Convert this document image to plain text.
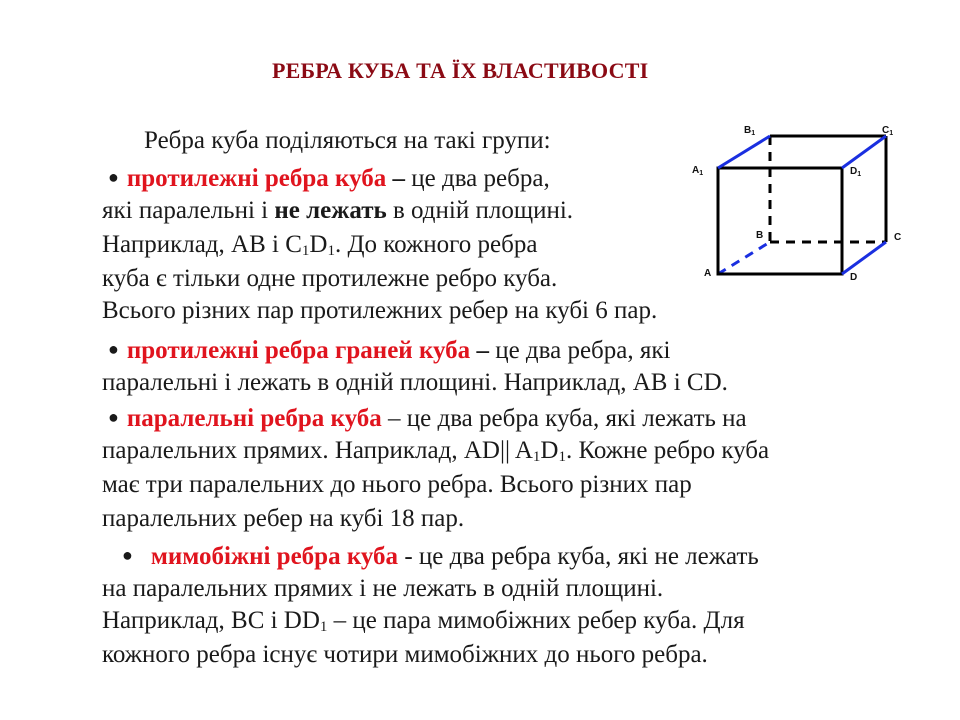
РЕБРА КУБА ТА ЇХ ВЛАСТИВОСТІ
Ребра куба поділяються на такі групи:
● протилежні ребра куба – це два ребра,
які паралельні і не лежать в одній площині.
Наприклад, АВ і $С_1D_1$. До кожного ребра
куба є тільки одне протилежне ребро куба.
Всього різних пар протилежних ребер на кубі 6 пар.
● протилежні ребра граней куба – це два ребра, які
паралельні і лежать в одній площині. Наприклад, АВ і CD.
● паралельні ребра куба – це два ребра куба, які лежать на
паралельних прямих. Наприклад, AD|| $A_1D_1$. Кожне ребро куба
має три паралельних до нього ребра. Всього різних пар
паралельних ребер на кубі 18 пар.
● мимобіжні ребра куба - це два ребра куба, які не лежать
на паралельних прямих і не лежать в одній площині.
Наприклад, ВС і $DD_1$ – це пара мимобіжних ребер куба. Для
кожного ребра існує чотири мимобіжних до нього ребра.
$B_1$	$C_1$
$A_1$	$D_1$
B	C
A	D
